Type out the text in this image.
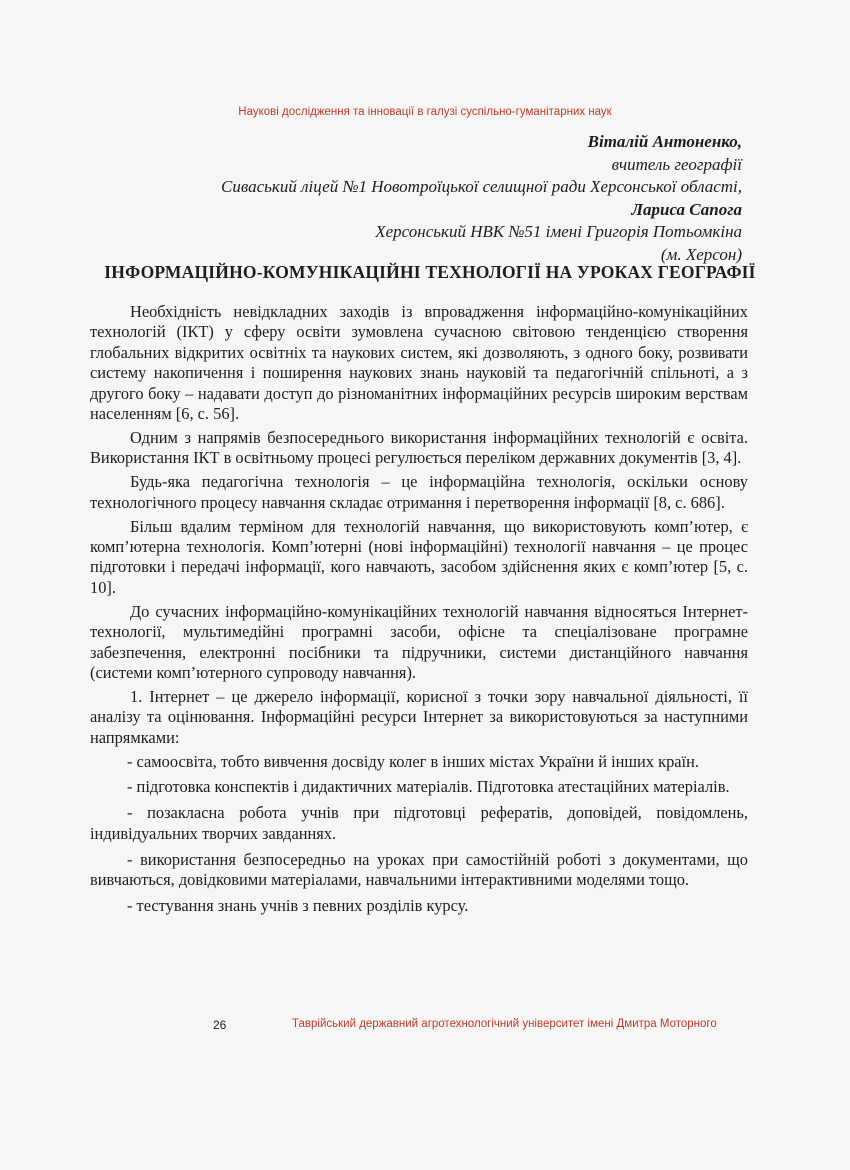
Наукові дослідження та інновації в галузі суспільно-гуманітарних наук
Віталій Антоненко,
вчитель географії
Сиваський ліцей №1 Новотроїцької селищної ради Херсонської області,
Лариса Сапога
Херсонський НВК №51 імені Григорія Потьомкіна
(м. Херсон)
ІНФОРМАЦІЙНО-КОМУНІКАЦІЙНІ ТЕХНОЛОГІЇ НА УРОКАХ ГЕОГРАФІЇ

Необхідність невідкладних заходів із впровадження інформаційно-комунікаційних технологій (ІКТ) у сферу освіти зумовлена сучасною світовою тенденцією створення глобальних відкритих освітніх та наукових систем, які дозволяють, з одного боку, розвивати систему накопичення і поширення наукових знань науковій та педагогічній спільноті, а з другого боку – надавати доступ до різноманітних інформаційних ресурсів широким верствам населенням [6, с. 56].

Одним з напрямів безпосереднього використання інформаційних технологій є освіта. Використання ІКТ в освітньому процесі регулюється переліком державних документів [3, 4].

Будь-яка педагогічна технологія – це інформаційна технологія, оскільки основу технологічного процесу навчання складає отримання і перетворення інформації [8, с. 686].

Більш вдалим терміном для технологій навчання, що використовують комп’ютер, є комп’ютерна технологія. Комп’ютерні (нові інформаційні) технології навчання – це процес підготовки і передачі інформації, кого навчають, засобом здійснення яких є комп’ютер [5, с. 10].

До сучасних інформаційно-комунікаційних технологій навчання відносяться Інтернет-технології, мультимедійні програмні засоби, офісне та спеціалізоване програмне забезпечення, електронні посібники та підручники, системи дистанційного навчання (системи комп’ютерного супроводу навчання).

1. Інтернет – це джерело інформації, корисної з точки зору навчальної діяльності, її аналізу та оцінювання. Інформаційні ресурси Інтернет за використовуються за наступними напрямками:

- самоосвіта, тобто вивчення досвіду колег в інших містах України й інших країн.

- підготовка конспектів і дидактичних матеріалів. Підготовка атестаційних матеріалів.

- позакласна робота учнів при підготовці рефератів, доповідей, повідомлень, індивідуальних творчих завданнях.

- використання безпосередньо на уроках при самостійній роботі з документами, що вивчаються, довідковими матеріалами, навчальними інтерактивними моделями тощо.

- тестування знань учнів з певних розділів курсу.

26	Таврійський державний агротехнологічний університет імені Дмитра Моторного
